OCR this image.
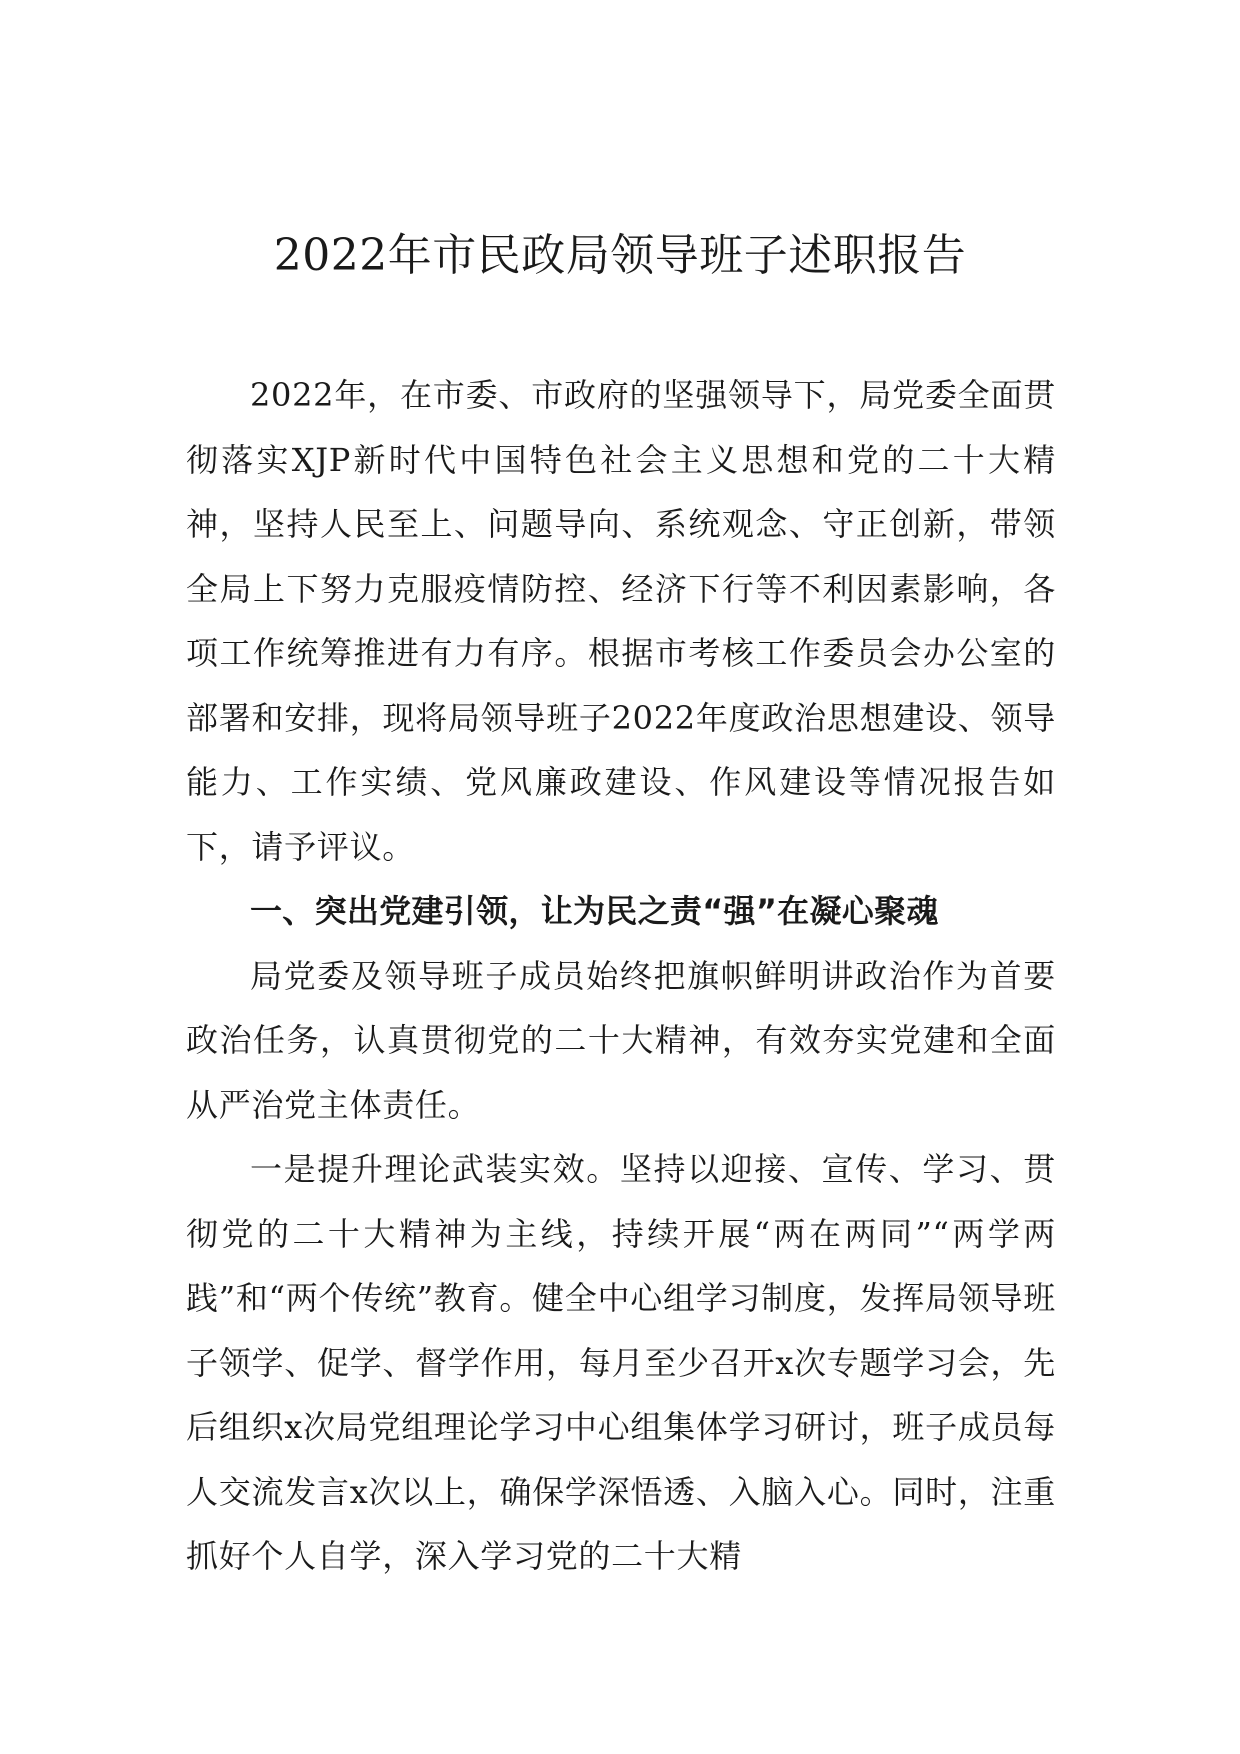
2022年市民政局领导班子述职报告

2022年，在市委、市政府的坚强领导下，局党委全面贯彻落实XJP新时代中国特色社会主义思想和党的二十大精神，坚持人民至上、问题导向、系统观念、守正创新，带领全局上下努力克服疫情防控、经济下行等不利因素影响，各项工作统筹推进有力有序。根据市考核工作委员会办公室的部署和安排，现将局领导班子2022年度政治思想建设、领导能力、工作实绩、党风廉政建设、作风建设等情况报告如下，请予评议。

一、突出党建引领，让为民之责“强”在凝心聚魂

局党委及领导班子成员始终把旗帜鲜明讲政治作为首要政治任务，认真贯彻党的二十大精神，有效夯实党建和全面从严治党主体责任。

一是提升理论武装实效。坚持以迎接、宣传、学习、贯彻党的二十大精神为主线，持续开展“两在两同”“两学两践”和“两个传统”教育。健全中心组学习制度，发挥局领导班子领学、促学、督学作用，每月至少召开x次专题学习会，先后组织x次局党组理论学习中心组集体学习研讨，班子成员每人交流发言x次以上，确保学深悟透、入脑入心。同时，注重抓好个人自学，深入学习党的二十大精
